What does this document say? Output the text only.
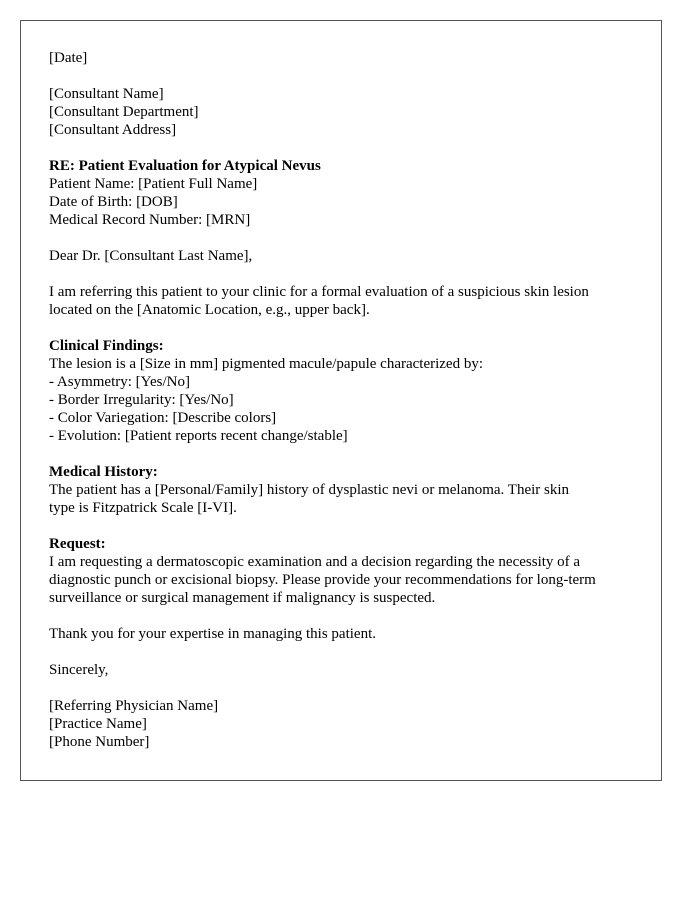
[Date]
[Consultant Name]
[Consultant Department]
[Consultant Address]
RE: Patient Evaluation for Atypical Nevus
Patient Name: [Patient Full Name]
Date of Birth: [DOB]
Medical Record Number: [MRN]
Dear Dr. [Consultant Last Name],
I am referring this patient to your clinic for a formal evaluation of a suspicious skin lesion
located on the [Anatomic Location, e.g., upper back].
Clinical Findings:
The lesion is a [Size in mm] pigmented macule/papule characterized by:
- Asymmetry: [Yes/No]
- Border Irregularity: [Yes/No]
- Color Variegation: [Describe colors]
- Evolution: [Patient reports recent change/stable]
Medical History:
The patient has a [Personal/Family] history of dysplastic nevi or melanoma. Their skin
type is Fitzpatrick Scale [I-VI].
Request:
I am requesting a dermatoscopic examination and a decision regarding the necessity of a
diagnostic punch or excisional biopsy. Please provide your recommendations for long-term
surveillance or surgical management if malignancy is suspected.
Thank you for your expertise in managing this patient.
Sincerely,
[Referring Physician Name]
[Practice Name]
[Phone Number]
